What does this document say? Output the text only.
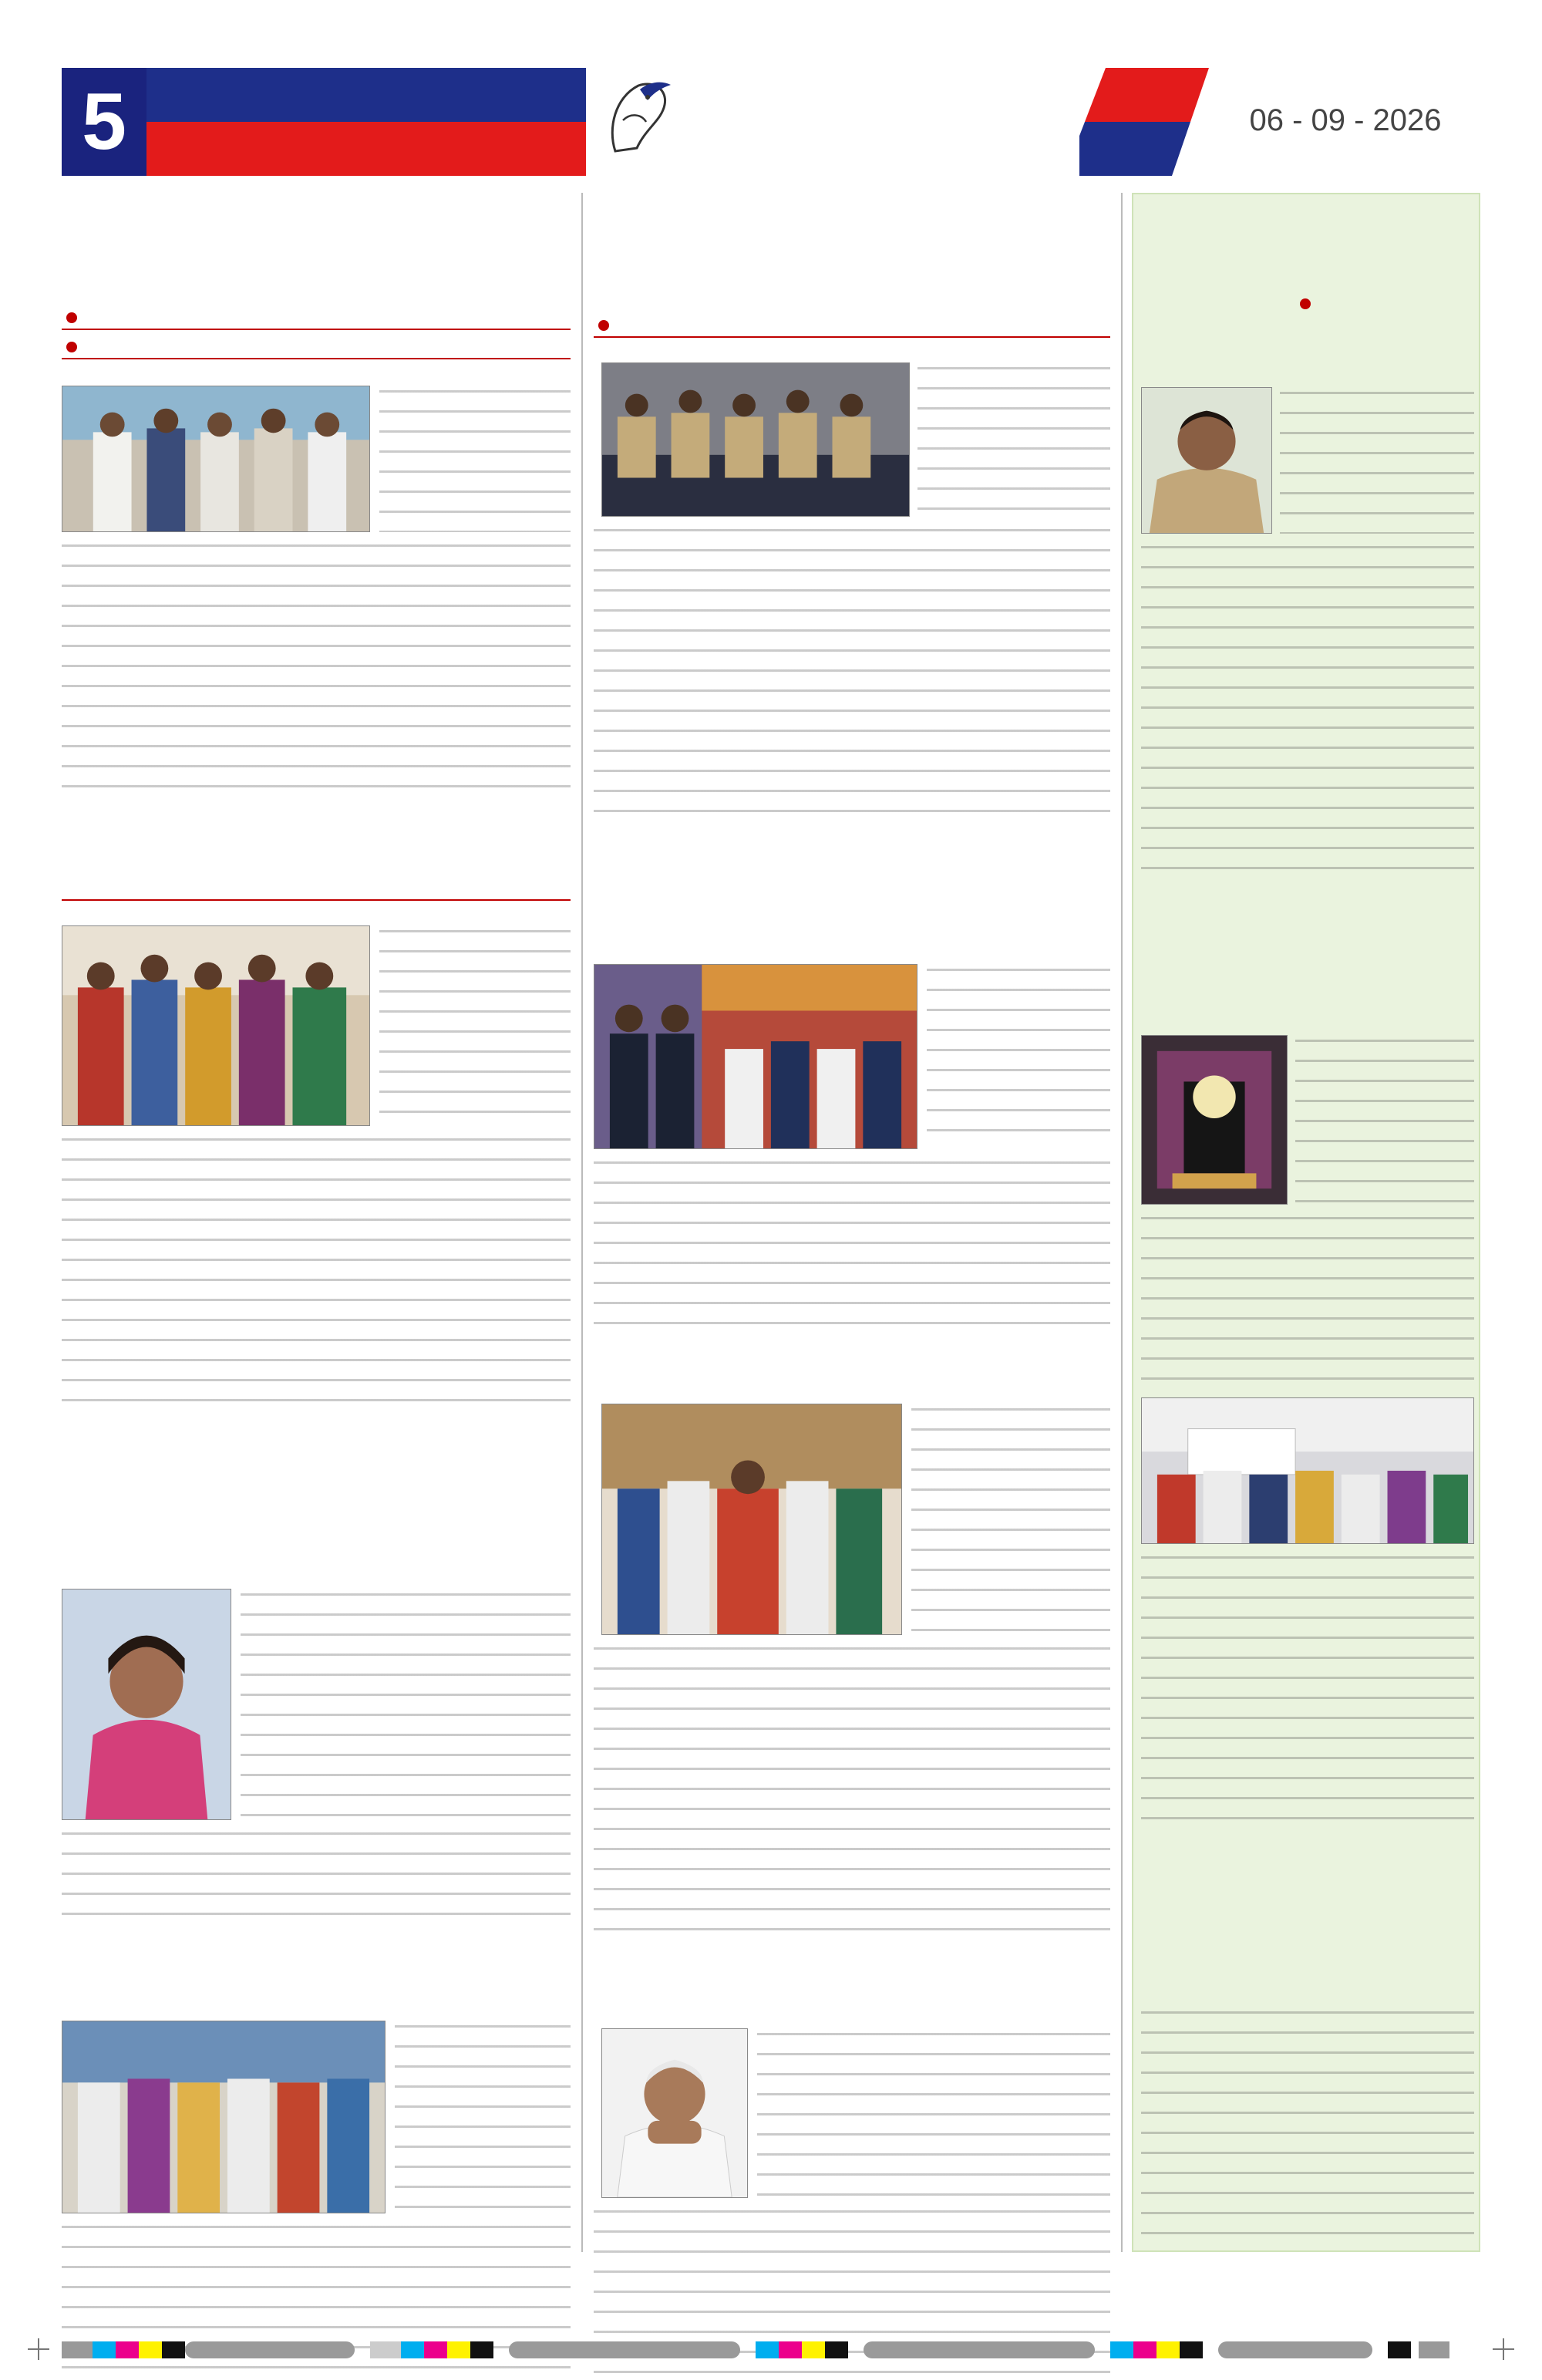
5	06 - 09 - 2026
